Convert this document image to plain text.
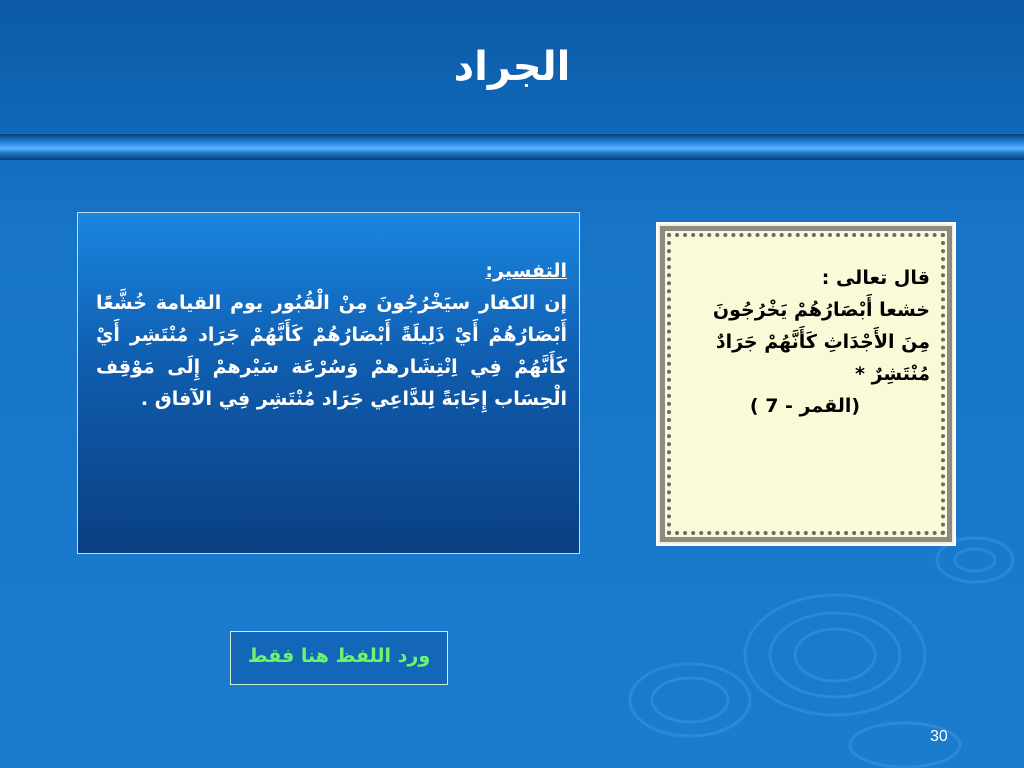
الجراد
التفسير:
إن الكفار سيَخْرُجُونَ مِنْ الْقُبُور يوم القيامة خُشَّعًا أَبْصَارُهُمْ أَيْ ذَلِيلَةً أَبْصَارُهُمْ كَأَنَّهُمْ جَرَاد مُنْتَشِر أَيْ كَأَنَّهُمْ فِي اِنْتِشَارهمْ وَسُرْعَة سَيْرهمْ إِلَى مَوْقِف الْحِسَاب إِجَابَةً لِلدَّاعِي جَرَاد مُنْتَشِر فِي الآفاق .
قال تعالى :
خشعا أَبْصَارُهُمْ يَخْرُجُونَ مِنَ الأَجْدَاثِ كَأَنَّهُمْ جَرَادٌ مُنْتَشِرٌ *
(القمر - 7 )
ورد اللفظ هنا فقط
30
